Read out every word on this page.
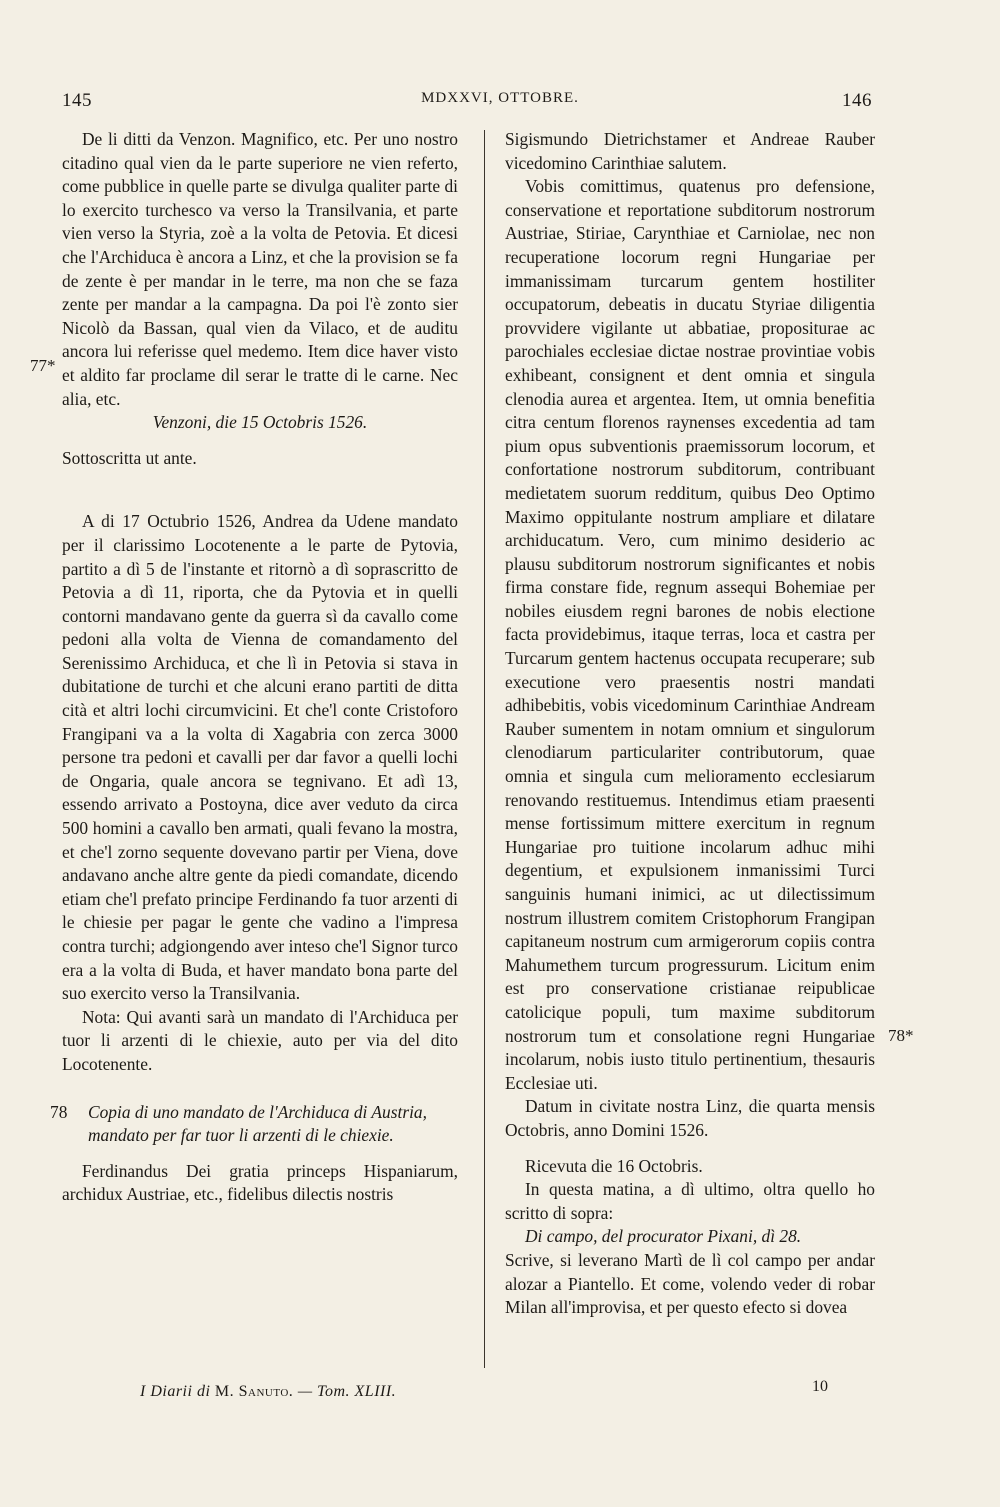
145	MDXXVI, OTTOBRE.	146
77*
78*

De li ditti da Venzon. Magnifico, etc. Per uno nostro citadino qual vien da le parte superiore ne vien referto, come pubblice in quelle parte se divulga qualiter parte di lo exercito turchesco va verso la Transilvania, et parte vien verso la Styria, zoè a la volta de Petovia. Et dicesi che l'Archiduca è ancora a Linz, et che la provision se fa de zente è per mandar in le terre, ma non che se faza zente per mandar a la campagna. Da poi l'è zonto sier Nicolò da Bassan, qual vien da Vilaco, et de auditu ancora lui referisse quel medemo. Item dice haver visto et aldito far proclame dil serar le tratte di le carne. Nec alia, etc.

Venzoni, die 15 Octobris 1526.

Sottoscritta ut ante.

A di 17 Octubrio 1526, Andrea da Udene mandato per il clarissimo Locotenente a le parte de Pytovia, partito a dì 5 de l'instante et ritornò a dì soprascritto de Petovia a dì 11, riporta, che da Pytovia et in quelli contorni mandavano gente da guerra sì da cavallo come pedoni alla volta de Vienna de comandamento del Serenissimo Archiduca, et che lì in Petovia si stava in dubitatione de turchi et che alcuni erano partiti de ditta cità et altri lochi circumvicini. Et che'l conte Cristoforo Frangipani va a la volta di Xagabria con zerca 3000 persone tra pedoni et cavalli per dar favor a quelli lochi de Ongaria, quale ancora se tegnivano. Et adì 13, essendo arrivato a Postoyna, dice aver veduto da circa 500 homini a cavallo ben armati, quali fevano la mostra, et che'l zorno sequente dovevano partir per Viena, dove andavano anche altre gente da piedi comandate, dicendo etiam che'l prefato principe Ferdinando fa tuor arzenti di le chiesie per pagar le gente che vadino a l'impresa contra turchi; adgiongendo aver inteso che'l Signor turco era a la volta di Buda, et haver mandato bona parte del suo exercito verso la Transilvania.

Nota: Qui avanti sarà un mandato di l'Archiduca per tuor li arzenti di le chiexie, auto per via del dito Locotenente.

78 Copia di uno mandato de l'Archiduca di Austria, mandato per far tuor li arzenti di le chiexie.

Ferdinandus Dei gratia princeps Hispaniarum, archidux Austriae, etc., fidelibus dilectis nostris

Sigismundo Dietrichstamer et Andreae Rauber vicedomino Carinthiae salutem.

Vobis comittimus, quatenus pro defensione, conservatione et reportatione subditorum nostrorum Austriae, Stiriae, Carynthiae et Carniolae, nec non recuperatione locorum regni Hungariae per immanissimam turcarum gentem hostiliter occupatorum, debeatis in ducatu Styriae diligentia provvidere vigilante ut abbatiae, propositurae ac parochiales ecclesiae dictae nostrae provintiae vobis exhibeant, consignent et dent omnia et singula clenodia aurea et argentea. Item, ut omnia benefitia citra centum florenos raynenses excedentia ad tam pium opus subventionis praemissorum locorum, et confortatione nostrorum subditorum, contribuant medietatem suorum redditum, quibus Deo Optimo Maximo oppitulante nostrum ampliare et dilatare archiducatum. Vero, cum minimo desiderio ac plausu subditorum nostrorum significantes et nobis firma constare fide, regnum assequi Bohemiae per nobiles eiusdem regni barones de nobis electione facta providebimus, itaque terras, loca et castra per Turcarum gentem hactenus occupata recuperare; sub executione vero praesentis nostri mandati adhibebitis, vobis vicedominum Carinthiae Andream Rauber sumentem in notam omnium et singulorum clenodiarum particulariter contributorum, quae omnia et singula cum melioramento ecclesiarum renovando restituemus. Intendimus etiam praesenti mense fortissimum mittere exercitum in regnum Hungariae pro tuitione incolarum adhuc mihi degentium, et expulsionem inmanissimi Turci sanguinis humani inimici, ac ut dilectissimum nostrum illustrem comitem Cristophorum Frangipan capitaneum nostrum cum armigerorum copiis contra Mahumethem turcum progressurum. Licitum enim est pro conservatione cristianae reipublicae catolicique populi, tum maxime subditorum nostrorum tum et consolatione regni Hungariae incolarum, nobis iusto titulo pertinentium, thesauris Ecclesiae uti.

Datum in civitate nostra Linz, die quarta mensis Octobris, anno Domini 1526.

Ricevuta die 16 Octobris.

In questa matina, a dì ultimo, oltra quello ho scritto di sopra:

Di campo, del procurator Pixani, dì 28.

Scrive, si leverano Martì de lì col campo per andar alozar a Piantello. Et come, volendo veder di robar Milan all'improvisa, et per questo efecto si dovea

I Diarii di M. Sanuto. — Tom. XLIII.	10
